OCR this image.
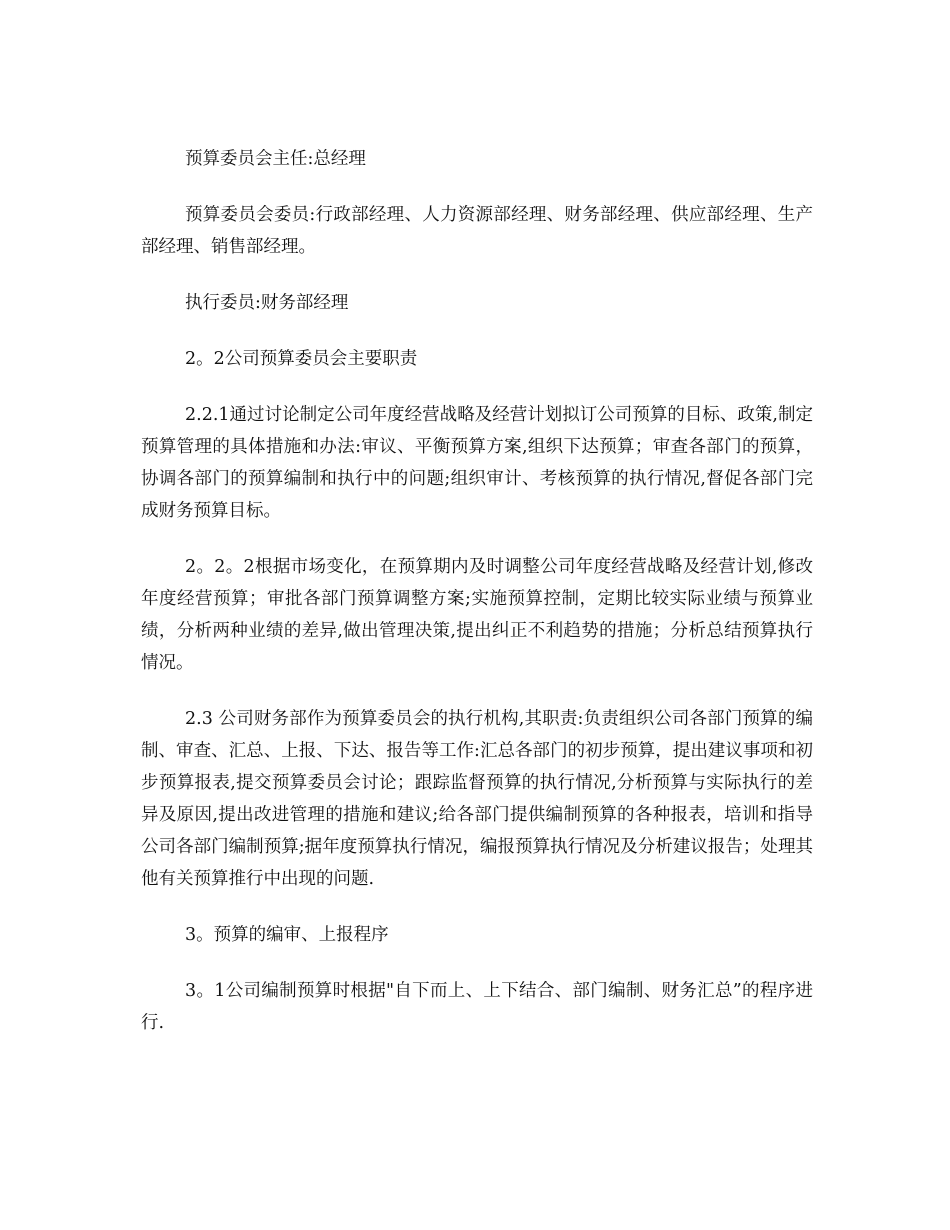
预算委员会主任:总经理

预算委员会委员:行政部经理、人力资源部经理、财务部经理、供应部经理、生产部经理、销售部经理。

执行委员:财务部经理

2。2公司预算委员会主要职责

2.2.1通过讨论制定公司年度经营战略及经营计划拟订公司预算的目标、政策,制定预算管理的具体措施和办法:审议、平衡预算方案,组织下达预算；审查各部门的预算，协调各部门的预算编制和执行中的问题;组织审计、考核预算的执行情况,督促各部门完成财务预算目标。

2。2。2根据市场变化，在预算期内及时调整公司年度经营战略及经营计划,修改年度经营预算；审批各部门预算调整方案;实施预算控制，定期比较实际业绩与预算业绩，分析两种业绩的差异,做出管理决策,提出纠正不利趋势的措施；分析总结预算执行情况。

2.3 公司财务部作为预算委员会的执行机构,其职责:负责组织公司各部门预算的编制、审查、汇总、上报、下达、报告等工作:汇总各部门的初步预算，提出建议事项和初步预算报表,提交预算委员会讨论；跟踪监督预算的执行情况,分析预算与实际执行的差异及原因,提出改进管理的措施和建议;给各部门提供编制预算的各种报表，培训和指导公司各部门编制预算;据年度预算执行情况，编报预算执行情况及分析建议报告；处理其他有关预算推行中出现的问题.

3。预算的编审、上报程序

3。1公司编制预算时根据"自下而上、上下结合、部门编制、财务汇总”的程序进行.
